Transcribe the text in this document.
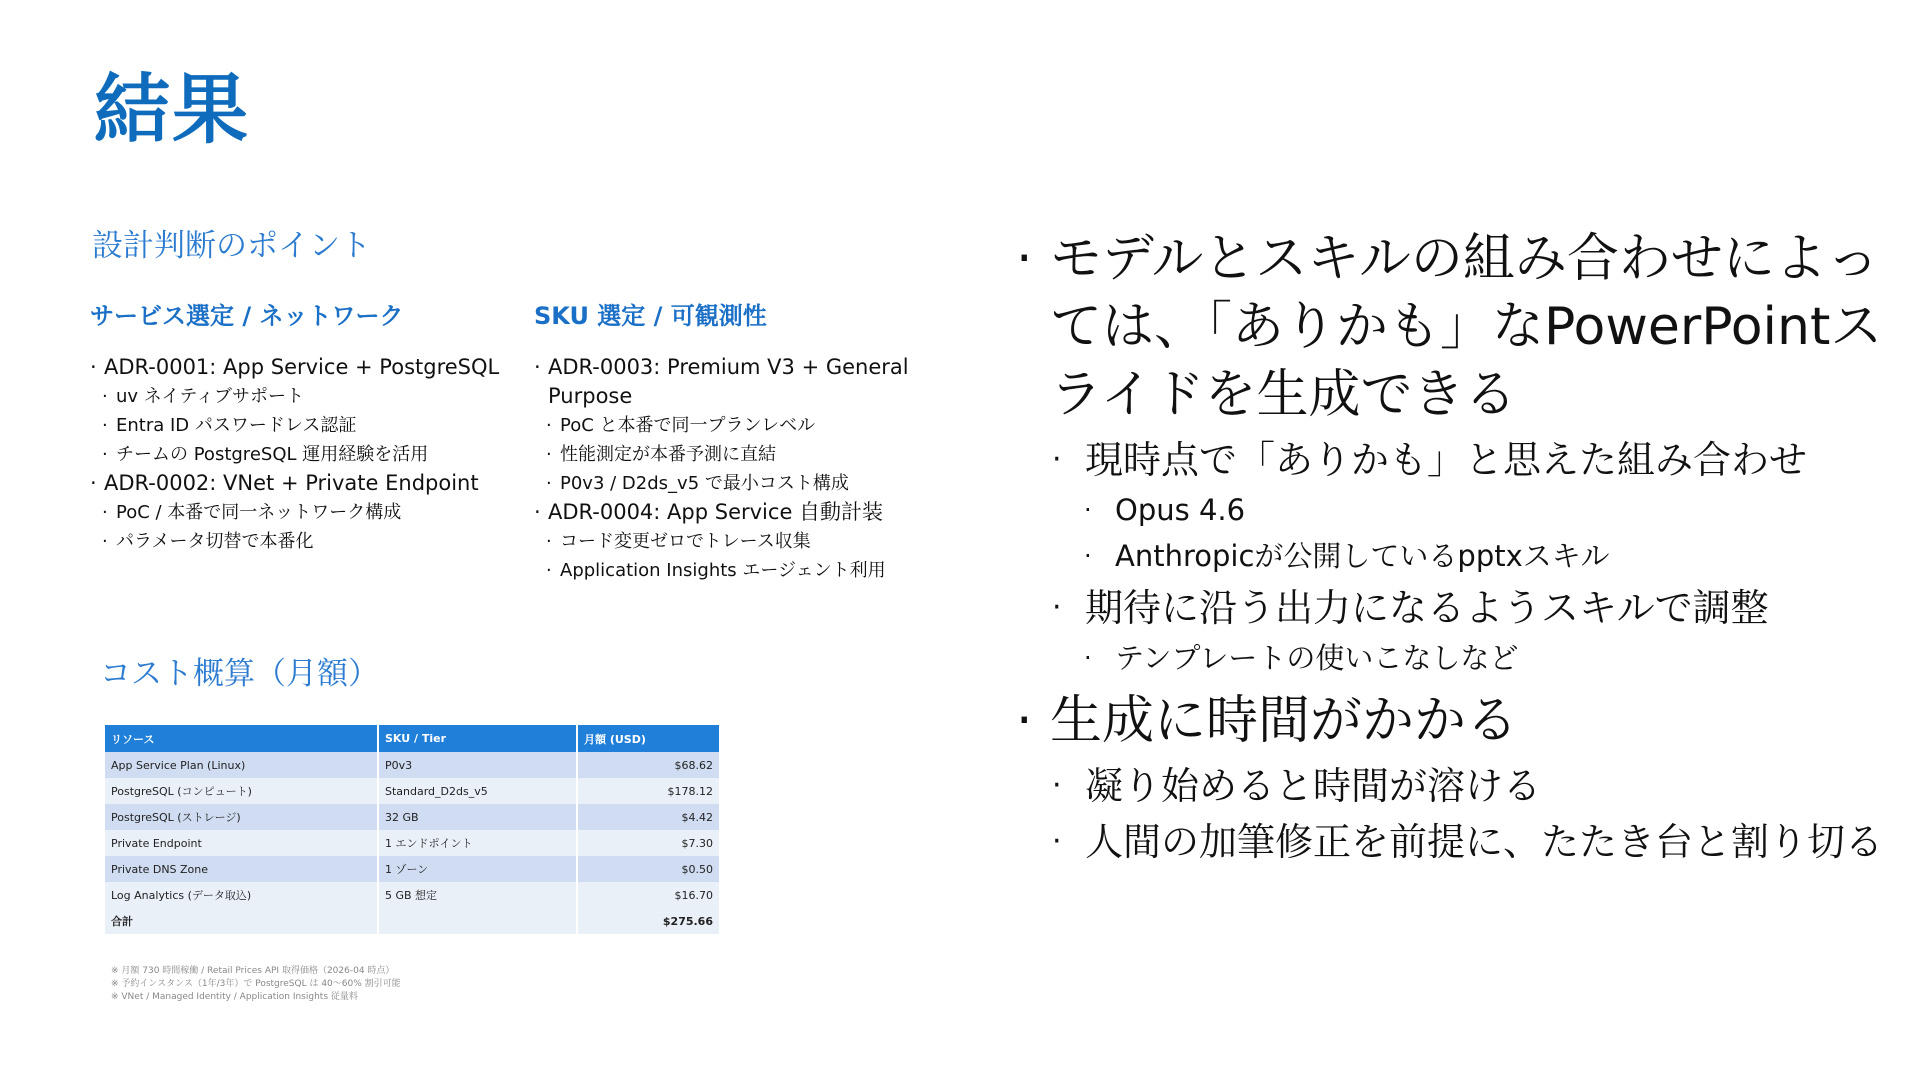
結果
設計判断のポイント
サービス選定 / ネットワーク
· ADR-0001: App Service + PostgreSQL
· uv ネイティブサポート
· Entra ID パスワードレス認証
· チームの PostgreSQL 運用経験を活用
· ADR-0002: VNet + Private Endpoint
· PoC / 本番で同一ネットワーク構成
· パラメータ切替で本番化
SKU 選定 / 可観測性
· ADR-0003: Premium V3 + General Purpose
· PoC と本番で同一プランレベル
· 性能測定が本番予測に直結
· P0v3 / D2ds_v5 で最小コスト構成
· ADR-0004: App Service 自動計装
· コード変更ゼロでトレース収集
· Application Insights エージェント利用
コスト概算（月額）
リソース	SKU / Tier	月額 (USD)
App Service Plan (Linux)	P0v3	$68.62
PostgreSQL (コンピュート)	Standard_D2ds_v5	$178.12
PostgreSQL (ストレージ)	32 GB	$4.42
Private Endpoint	1 エンドポイント	$7.30
Private DNS Zone	1 ゾーン	$0.50
Log Analytics (データ取込)	5 GB 想定	$16.70
合計		$275.66
※ 月額 730 時間稼働 / Retail Prices API 取得価格（2026-04 時点）
※ 予約インスタンス（1年/3年）で PostgreSQL は 40〜60% 割引可能
※ VNet / Managed Identity / Application Insights 従量料
· モデルとスキルの組み合わせによっては、「ありかも」なPowerPointスライドを生成できる
· 現時点で「ありかも」と思えた組み合わせ
· Opus 4.6
· Anthropicが公開しているpptxスキル
· 期待に沿う出力になるようスキルで調整
· テンプレートの使いこなしなど
· 生成に時間がかかる
· 凝り始めると時間が溶ける
· 人間の加筆修正を前提に、たたき台と割り切る
